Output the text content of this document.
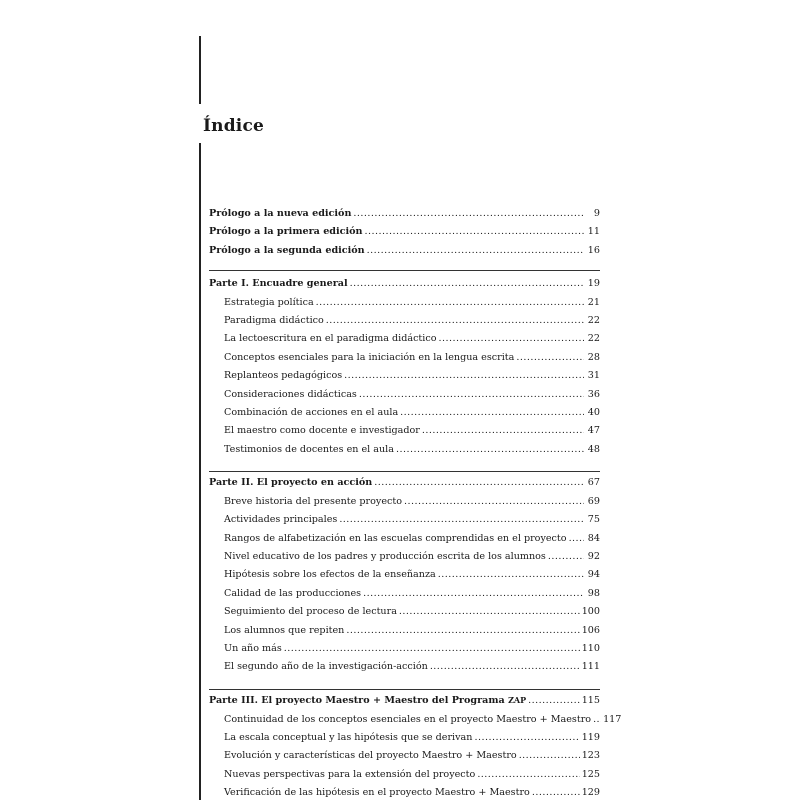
Índice
Prólogo a la nueva edición . . .	9
Prólogo a la primera edición . . .	11
Prólogo a la segunda edición . . .	16
Parte I. Encuadre general . . .	19
Estrategia política . . .	21
Paradigma didáctico . . .	22
La lectoescritura en el paradigma didáctico . . .	22
Conceptos esenciales para la iniciación en la lengua escrita . . .	28
Replanteos pedagógicos . . .	31
Consideraciones didácticas . . .	36
Combinación de acciones en el aula . . .	40
El maestro como docente e investigador . . .	47
Testimonios de docentes en el aula . . .	48
Parte II. El proyecto en acción . . .	67
Breve historia del presente proyecto . . .	69
Actividades principales . . .	75
Rangos de alfabetización en las escuelas comprendidas en el proyecto . . . 84
Nivel educativo de los padres y producción escrita de los alumnos . . .	92
Hipótesis sobre los efectos de la enseñanza . . .	94
Calidad de las producciones . . .	98
Seguimiento del proceso de lectura . . .	100
Los alumnos que repiten . . .	106
Un año más . . .	110
El segundo año de la investigación-acción . . .	111
Parte III. El proyecto Maestro + Maestro del Programa ZAP . . .	115
Continuidad de los conceptos esenciales en el proyecto Maestro + Maestro . . . 117
La escala conceptual y las hipótesis que se derivan . . .	119
Evolución y características del proyecto Maestro + Maestro . . .	123
Nuevas perspectivas para la extensión del proyecto . . .	125
Verificación de las hipótesis en el proyecto Maestro + Maestro . . .	129
